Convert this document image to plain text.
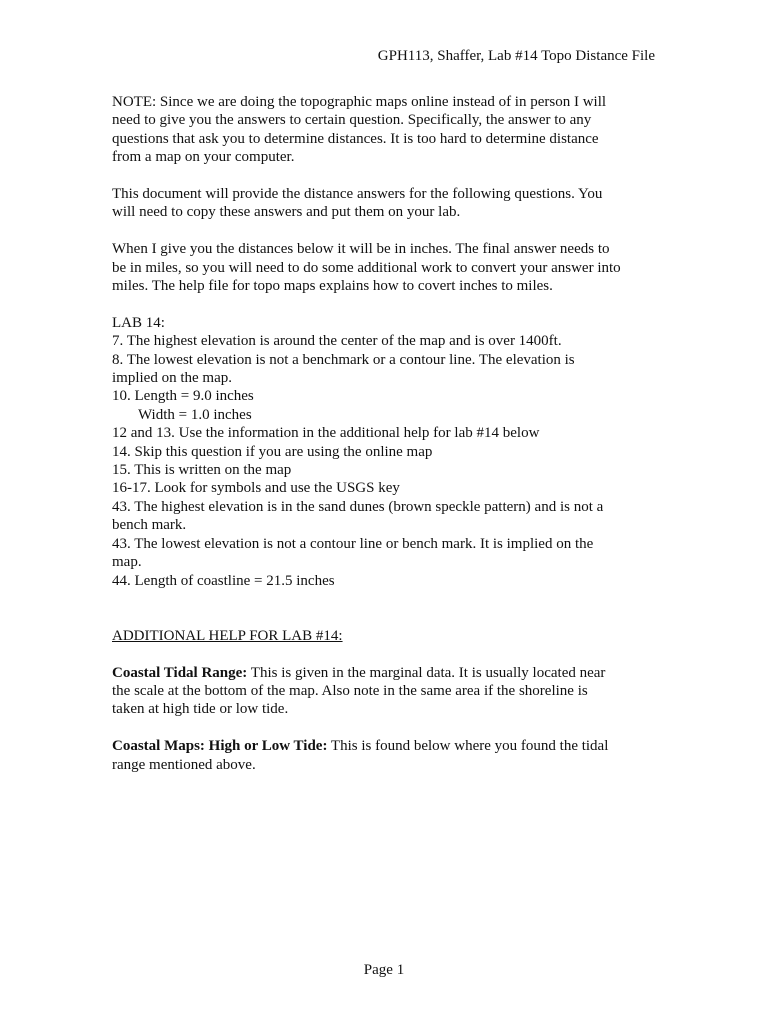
GPH113, Shaffer, Lab #14 Topo Distance File
NOTE: Since we are doing the topographic maps online instead of in person I will
need to give you the answers to certain question. Specifically, the answer to any
questions that ask you to determine distances. It is too hard to determine distance
from a map on your computer.
This document will provide the distance answers for the following questions. You
will need to copy these answers and put them on your lab.
When I give you the distances below it will be in inches. The final answer needs to
be in miles, so you will need to do some additional work to convert your answer into
miles. The help file for topo maps explains how to covert inches to miles.
LAB 14:
7. The highest elevation is around the center of the map and is over 1400ft.
8. The lowest elevation is not a benchmark or a contour line. The elevation is
implied on the map.
10. Length = 9.0 inches
Width = 1.0 inches
12 and 13. Use the information in the additional help for lab #14 below
14. Skip this question if you are using the online map
15. This is written on the map
16-17. Look for symbols and use the USGS key
43. The highest elevation is in the sand dunes (brown speckle pattern) and is not a
bench mark.
43. The lowest elevation is not a contour line or bench mark. It is implied on the
map.
44. Length of coastline = 21.5 inches
ADDITIONAL HELP FOR LAB #14:
Coastal Tidal Range: This is given in the marginal data. It is usually located near
the scale at the bottom of the map. Also note in the same area if the shoreline is
taken at high tide or low tide.
Coastal Maps: High or Low Tide: This is found below where you found the tidal
range mentioned above.
Page 1
